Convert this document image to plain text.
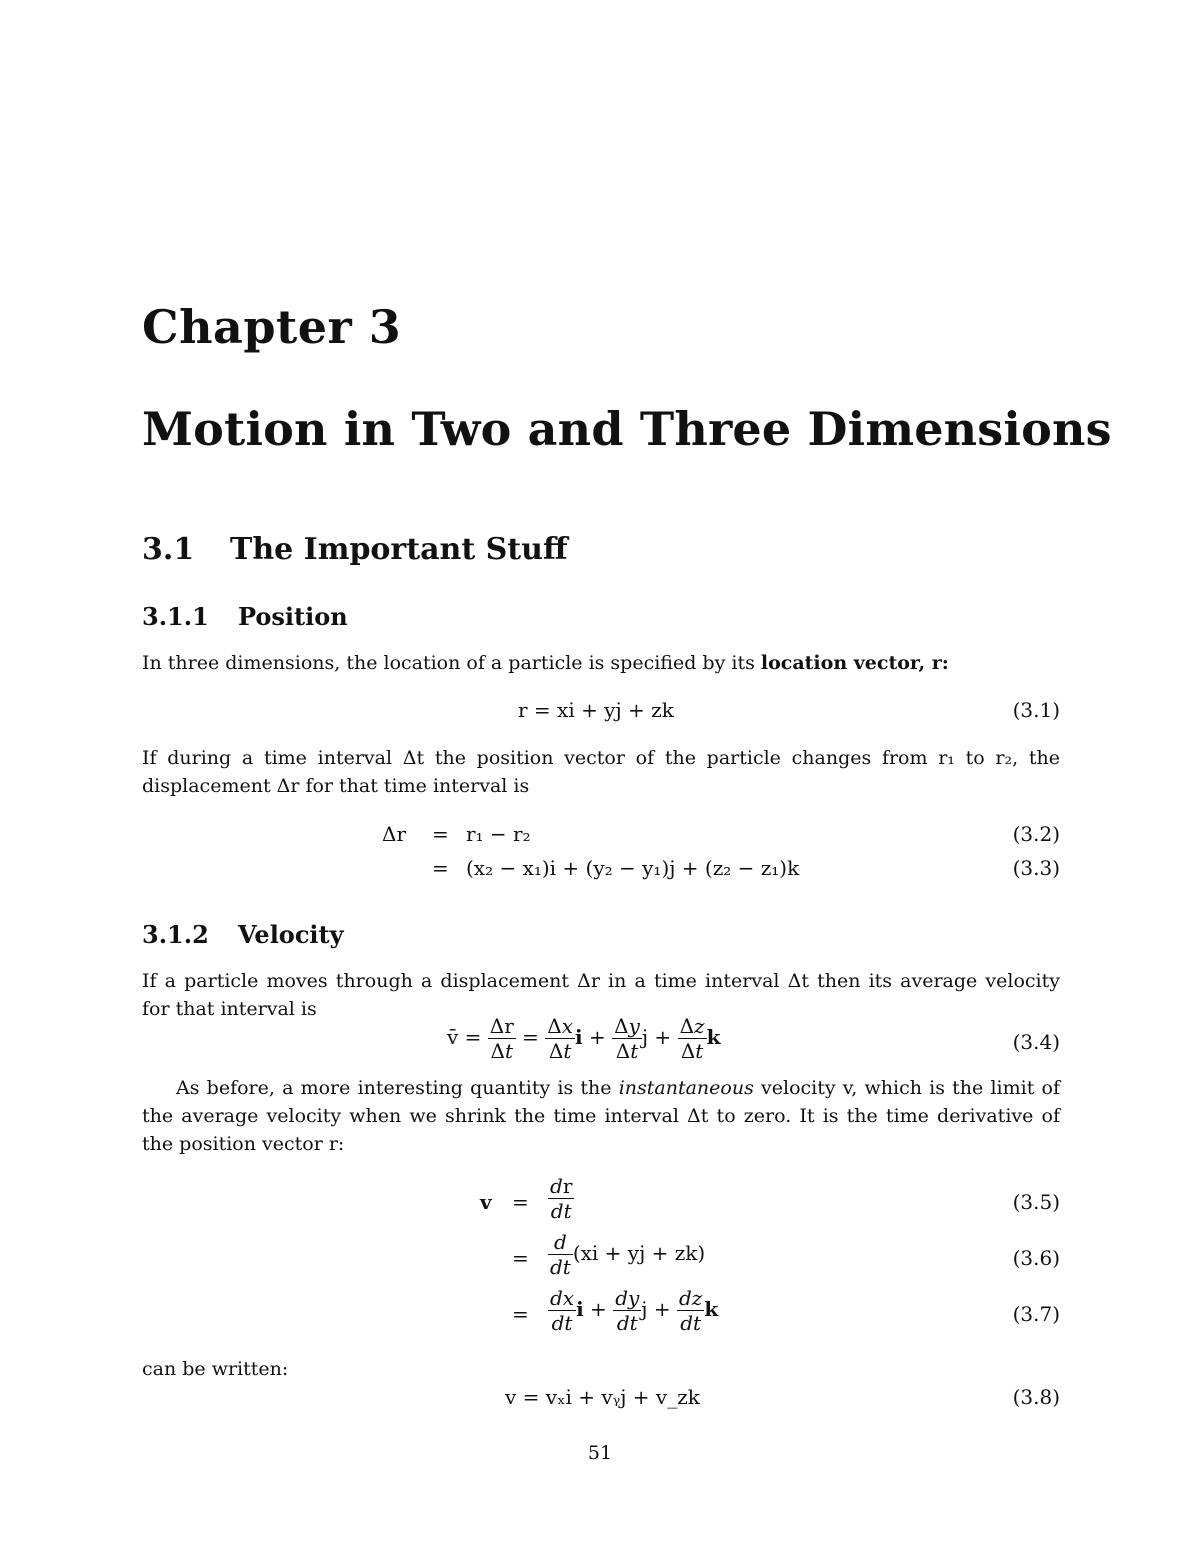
Chapter 3
Motion in Two and Three Dimensions
3.1 The Important Stuff
3.1.1 Position
In three dimensions, the location of a particle is specified by its location vector, r:
r = xi + yj + zk	(3.1)
If during a time interval Δt the position vector of the particle changes from r₁ to r₂, the displacement Δr for that time interval is
Δr = r₁ − r₂	(3.2)
= (x₂ − x₁)i + (y₂ − y₁)j + (z₂ − z₁)k	(3.3)
3.1.2 Velocity
If a particle moves through a displacement Δr in a time interval Δt then its average velocity for that interval is
v̄ = $\frac{\Delta r}{\Delta t} = \frac{\Delta x}{\Delta t}$ $i + \frac{\Delta y}{\Delta t}$ $j + \frac{\Delta z}{\Delta t}$ k	(3.4)
As before, a more interesting quantity is the instantaneous velocity v, which is the limit of the average velocity when we shrink the time interval Δt to zero. It is the time derivative of the position vector r:
$v = \frac{dr}{dt}$	(3.5)
= $\frac{d}{dt} (xi$ + yj + zk)	(3.6)
= $\frac{dx}{dt}$ $i + \frac{dy}{dt}$ $j + \frac{dz}{dt}$ k	(3.7)
can be written:
v = vₓi + vᵧj + v_zk	(3.8)
51
